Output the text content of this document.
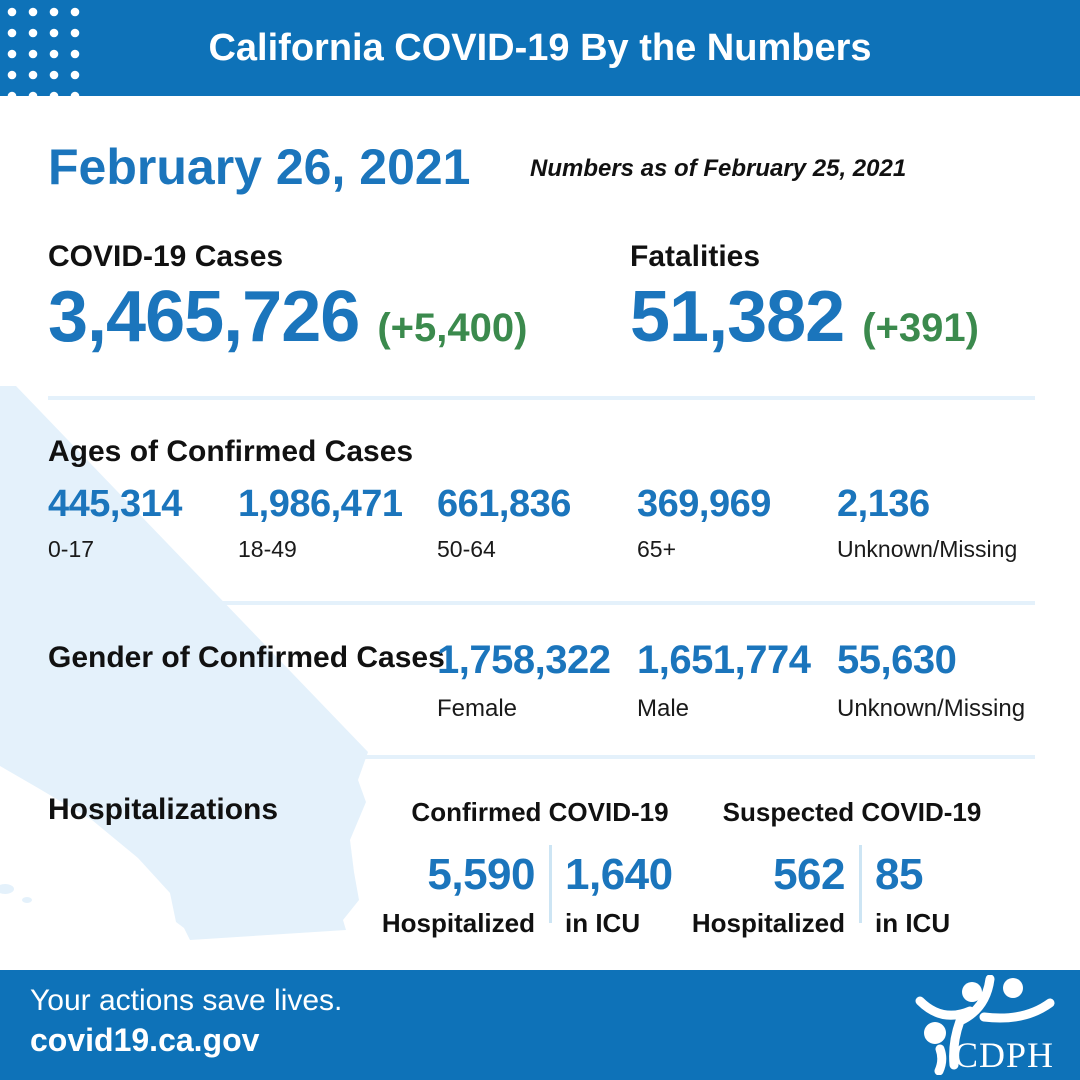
California COVID-19 By the Numbers
February 26, 2021 Numbers as of February 25, 2021
COVID-19 Cases
3,465,726 (+5,400)
Fatalities
51,382 (+391)
Ages of Confirmed Cases
445,314
0-17
1,986,471
18-49
661,836
50-64
369,969
65+
2,136
Unknown/Missing
Gender of Confirmed Cases
1,758,322
Female
1,651,774
Male
55,630
Unknown/Missing
Hospitalizations	Confirmed COVID-19	Suspected COVID-19
5,590
Hospitalized
1,640
in ICU
562
Hospitalized
85
in ICU
Your actions save lives.
covid19.ca.gov	CDPH
